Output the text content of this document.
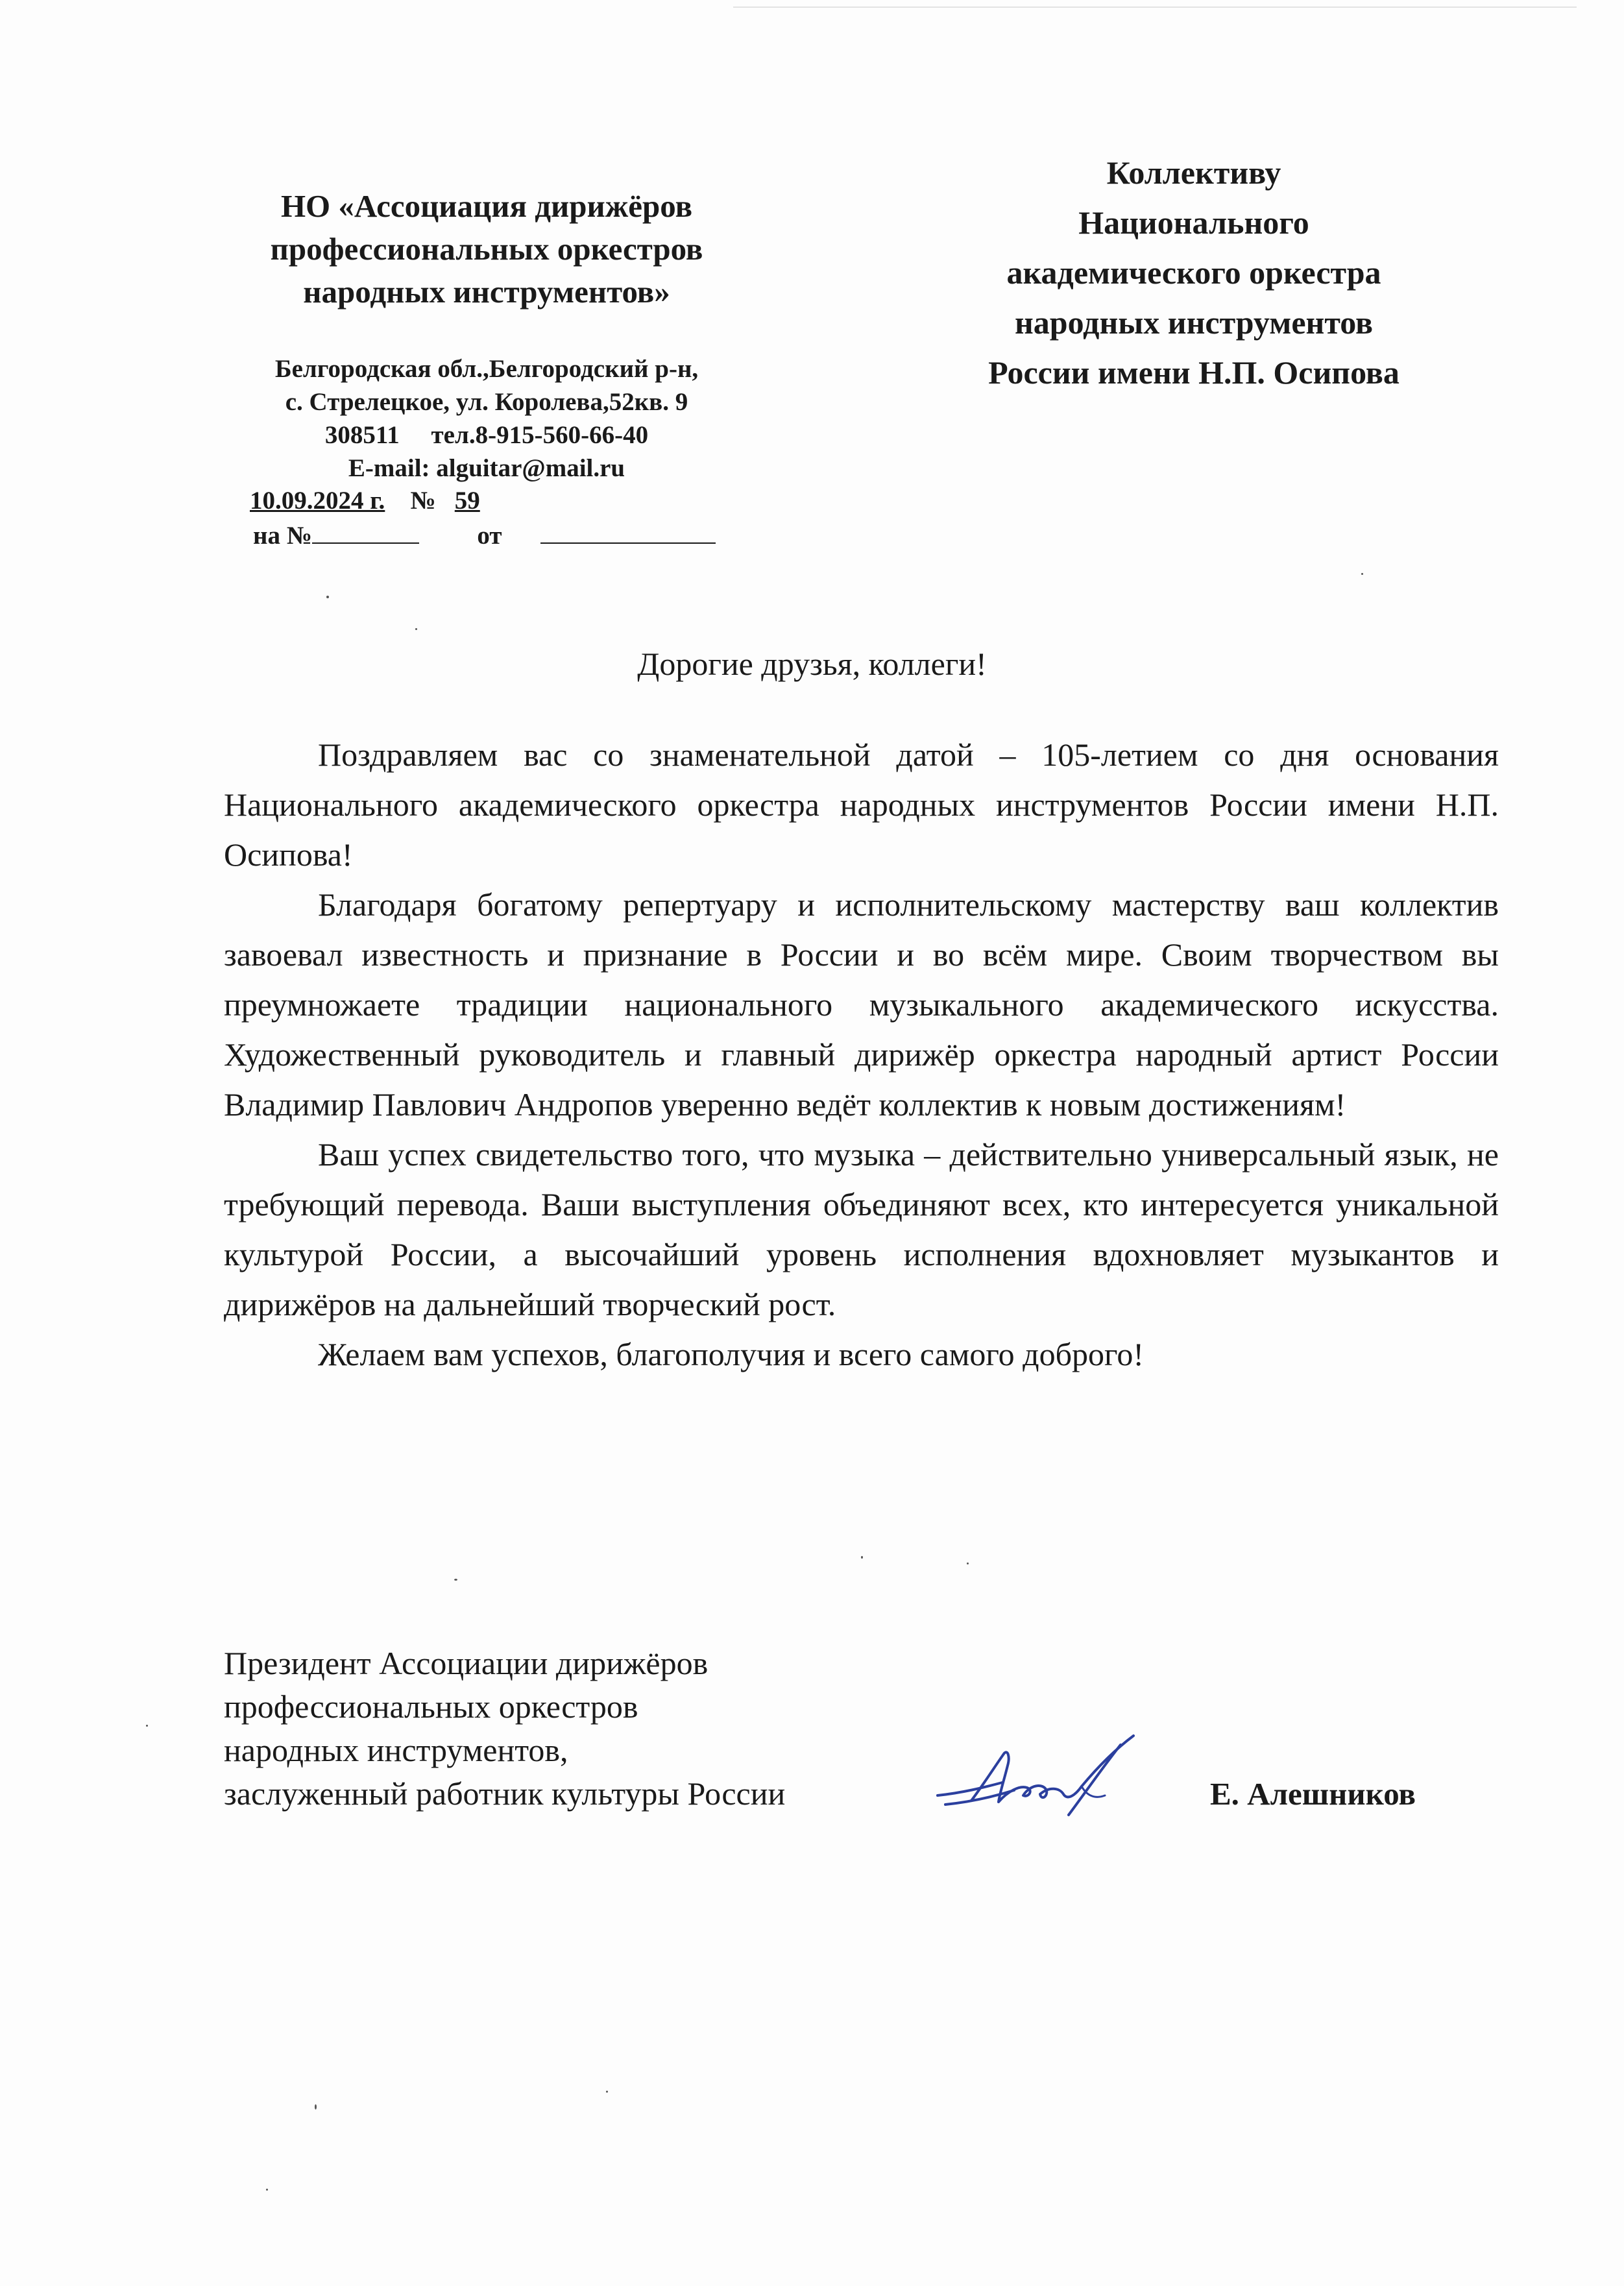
НО «Ассоциация дирижёров
профессиональных оркестров
народных инструментов»
Белгородская обл.,Белгородский р-н,
с. Стрелецкое, ул. Королева,52кв. 9
308511     тел.8-915-560-66-40
E-mail: alguitar@mail.ru
10.09.2024 г. № 59
на №	от
Коллективу
Национального
академического оркестра
народных инструментов
России имени Н.П. Осипова
Дорогие друзья, коллеги!

Поздравляем вас со знаменательной датой – 105-летием со дня основания Национального академического оркестра народных инструментов России имени Н.П. Осипова!

Благодаря богатому репертуару и исполнительскому мастерству ваш коллектив завоевал известность и признание в России и во всём мире. Своим творчеством вы преумножаете традиции национального музыкального академического искусства. Художественный руководитель и главный дирижёр оркестра народный артист России Владимир Павлович Андропов уверенно ведёт коллектив к новым достижениям!

Ваш успех свидетельство того, что музыка – действительно универсальный язык, не требующий перевода. Ваши выступления объединяют всех, кто интересуется уникальной культурой России, а высочайший уровень исполнения вдохновляет музыкантов и дирижёров на дальнейший творческий рост.

Желаем вам успехов, благополучия и всего самого доброго!

Президент Ассоциации дирижёров
профессиональных оркестров
народных инструментов,
заслуженный работник культуры России	Е. Алешников
